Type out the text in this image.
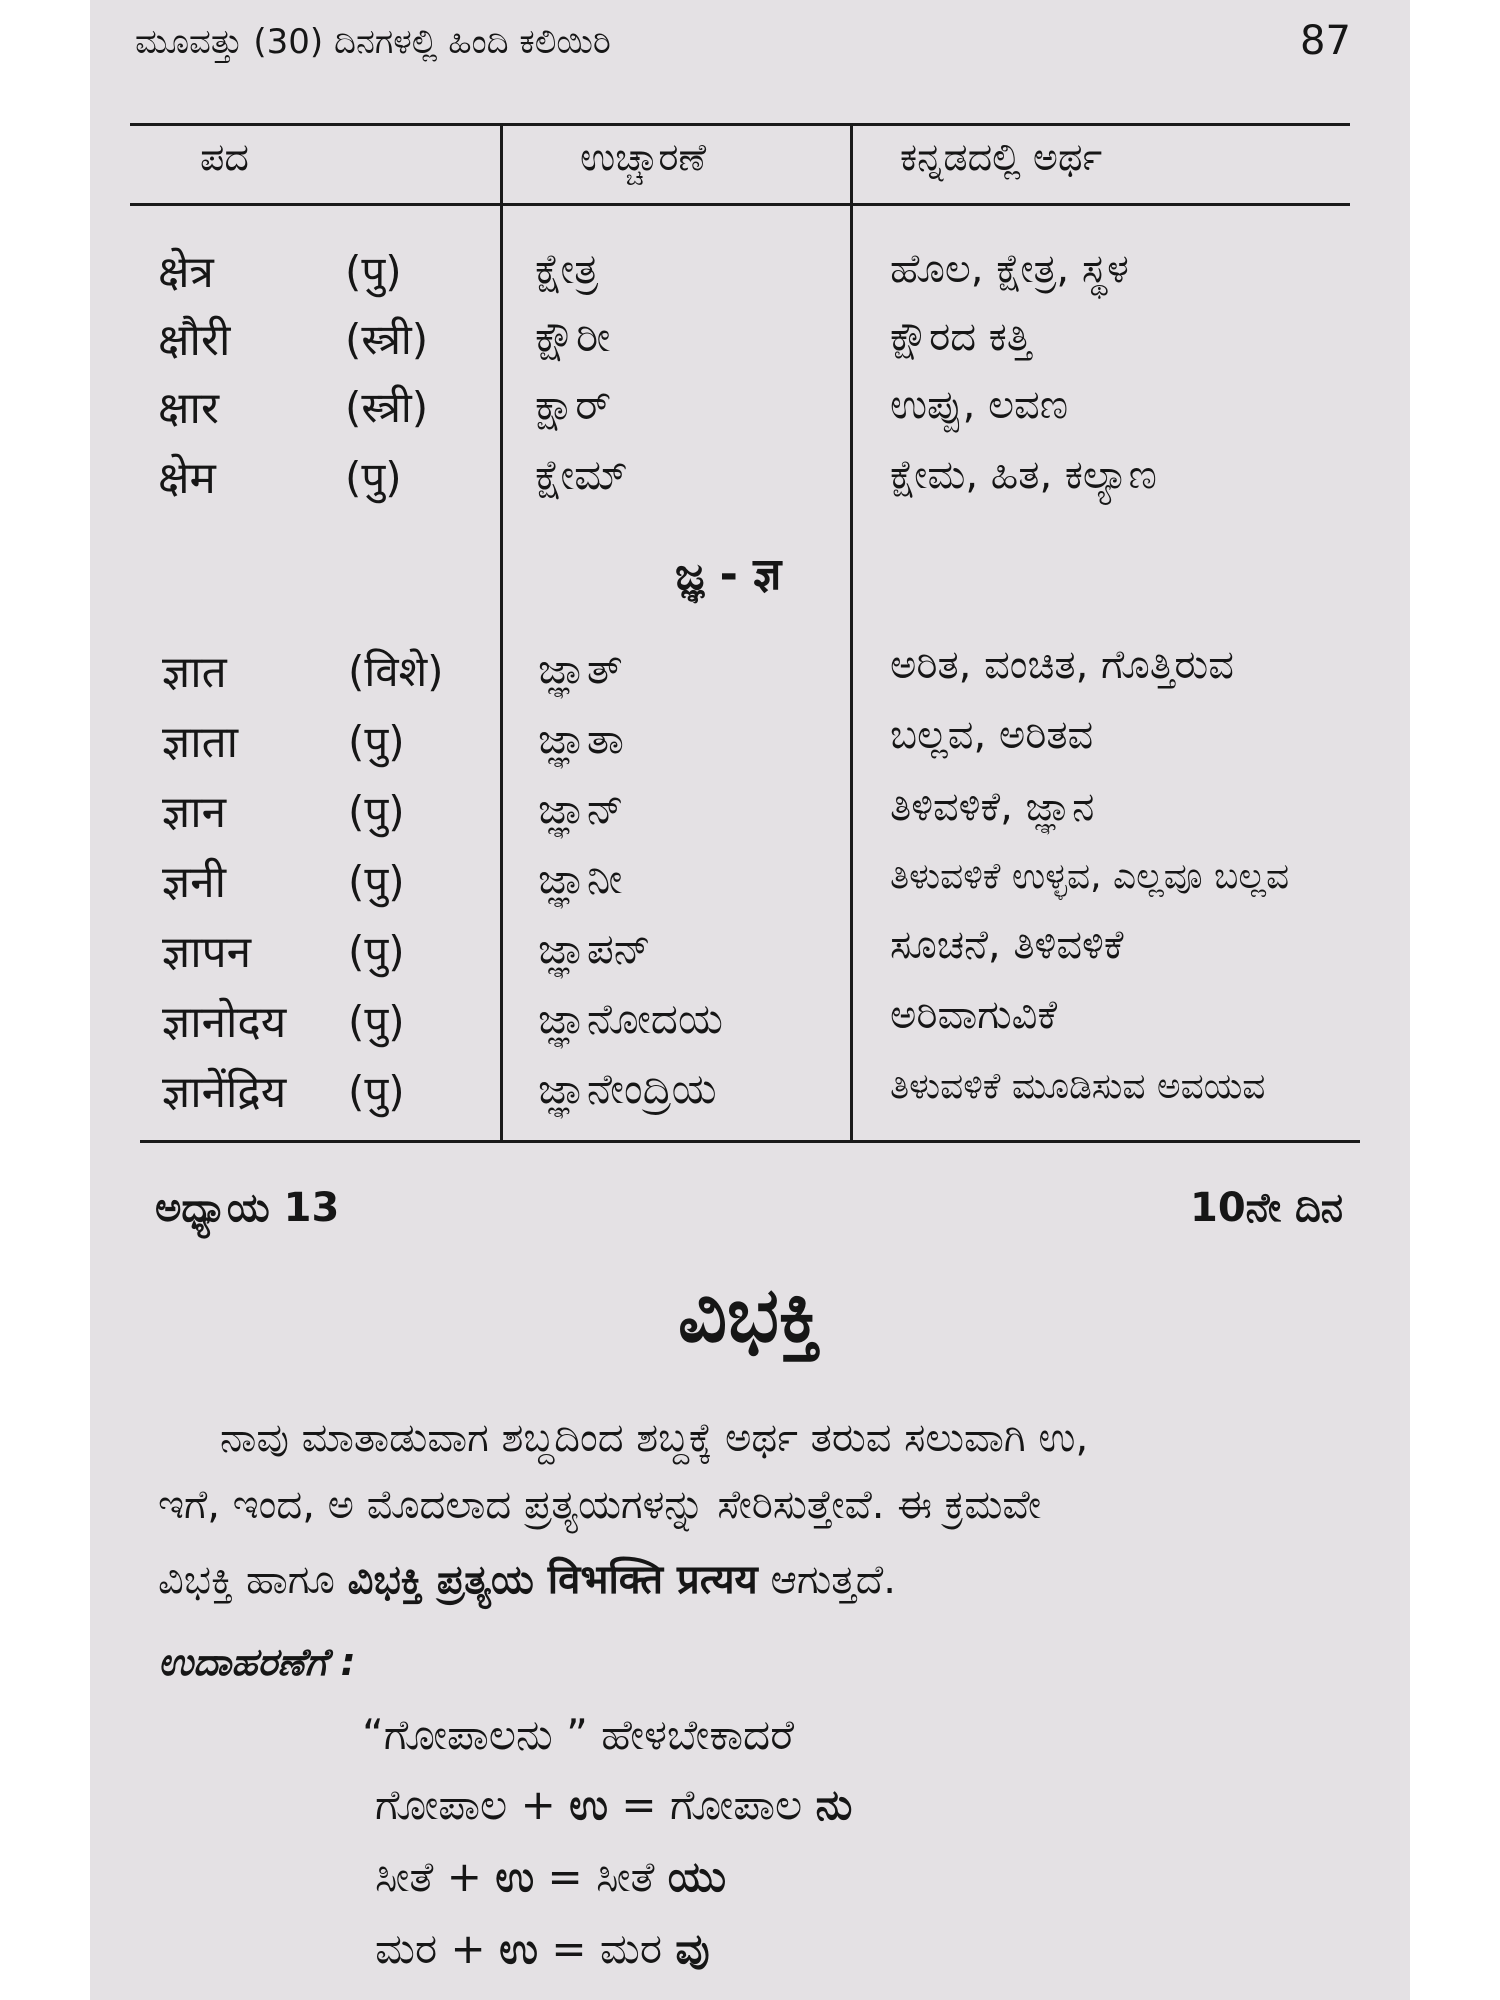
ಮೂವತ್ತು (30) ದಿನಗಳಲ್ಲಿ ಹಿಂದಿ ಕಲಿಯಿರಿ	87
ಪದ	ಉಚ್ಚಾರಣೆ	ಕನ್ನಡದಲ್ಲಿ ಅರ್ಥ
क्षेत्र	(पु)	ಕ್ಷೇತ್ರ	ಹೊಲ, ಕ್ಷೇತ್ರ, ಸ್ಥಳ
क्षौरी	(स्त्री)	ಕ್ಷೌರೀ	ಕ್ಷೌರದ ಕತ್ತಿ
क्षार	(स्त्री)	ಕ್ಷಾರ್	ಉಪ್ಪು, ಲವಣ
क्षेम	(पु)	ಕ್ಷೇಮ್	ಕ್ಷೇಮ, ಹಿತ, ಕಲ್ಯಾಣ
ಜ್ಞ - ज्ञ
ज्ञात	(विशे) ಜ್ಞಾತ್	ಅರಿತ, ವಂಚಿತ, ಗೊತ್ತಿರುವ
ज्ञाता	(पु)	ಜ್ಞಾತಾ	ಬಲ್ಲವ, ಅರಿತವ
ज्ञान	(पु)	ಜ್ಞಾನ್	ತಿಳಿವಳಿಕೆ, ಜ್ಞಾನ
ज्ञनी	(पु)	ಜ್ಞಾನೀ	ತಿಳುವಳಿಕೆ ಉಳ್ಳವ, ಎಲ್ಲವೂ ಬಲ್ಲವ
ज्ञापन (पु)	ಜ್ಞಾಪನ್	ಸೂಚನೆ, ತಿಳಿವಳಿಕೆ
ज्ञानोदय (पु)	ಜ್ಞಾನೋದಯ	ಅರಿವಾಗುವಿಕೆ
ज्ञानेंद्रिय (पु)	ಜ್ಞಾನೇಂದ್ರಿಯ	ತಿಳುವಳಿಕೆ ಮೂಡಿಸುವ ಅವಯವ
ಅಧ್ಯಾಯ 13	10ನೇ ದಿನ
ವಿಭಕ್ತಿ
ನಾವು ಮಾತಾಡುವಾಗ ಶಬ್ದದಿಂದ ಶಬ್ದಕ್ಕೆ ಅರ್ಥ ತರುವ ಸಲುವಾಗಿ ಉ,
ಇಗೆ, ಇಂದ, ಅ ಮೊದಲಾದ ಪ್ರತ್ಯಯಗಳನ್ನು ಸೇರಿಸುತ್ತೇವೆ. ಈ ಕ್ರಮವೇ
ವಿಭಕ್ತಿ ಹಾಗೂ ವಿಭಕ್ತಿ ಪ್ರತ್ಯಯ विभक्ति प्रत्यय ಆಗುತ್ತದೆ.
ಉದಾಹರಣೆಗೆ :
“ಗೋಪಾಲನು ” ಹೇಳಬೇಕಾದರೆ
ಗೋಪಾಲ + ಉ = ಗೋಪಾಲ ನು
ಸೀತೆ + ಉ = ಸೀತೆ ಯು
ಮರ + ಉ = ಮರ ವು
